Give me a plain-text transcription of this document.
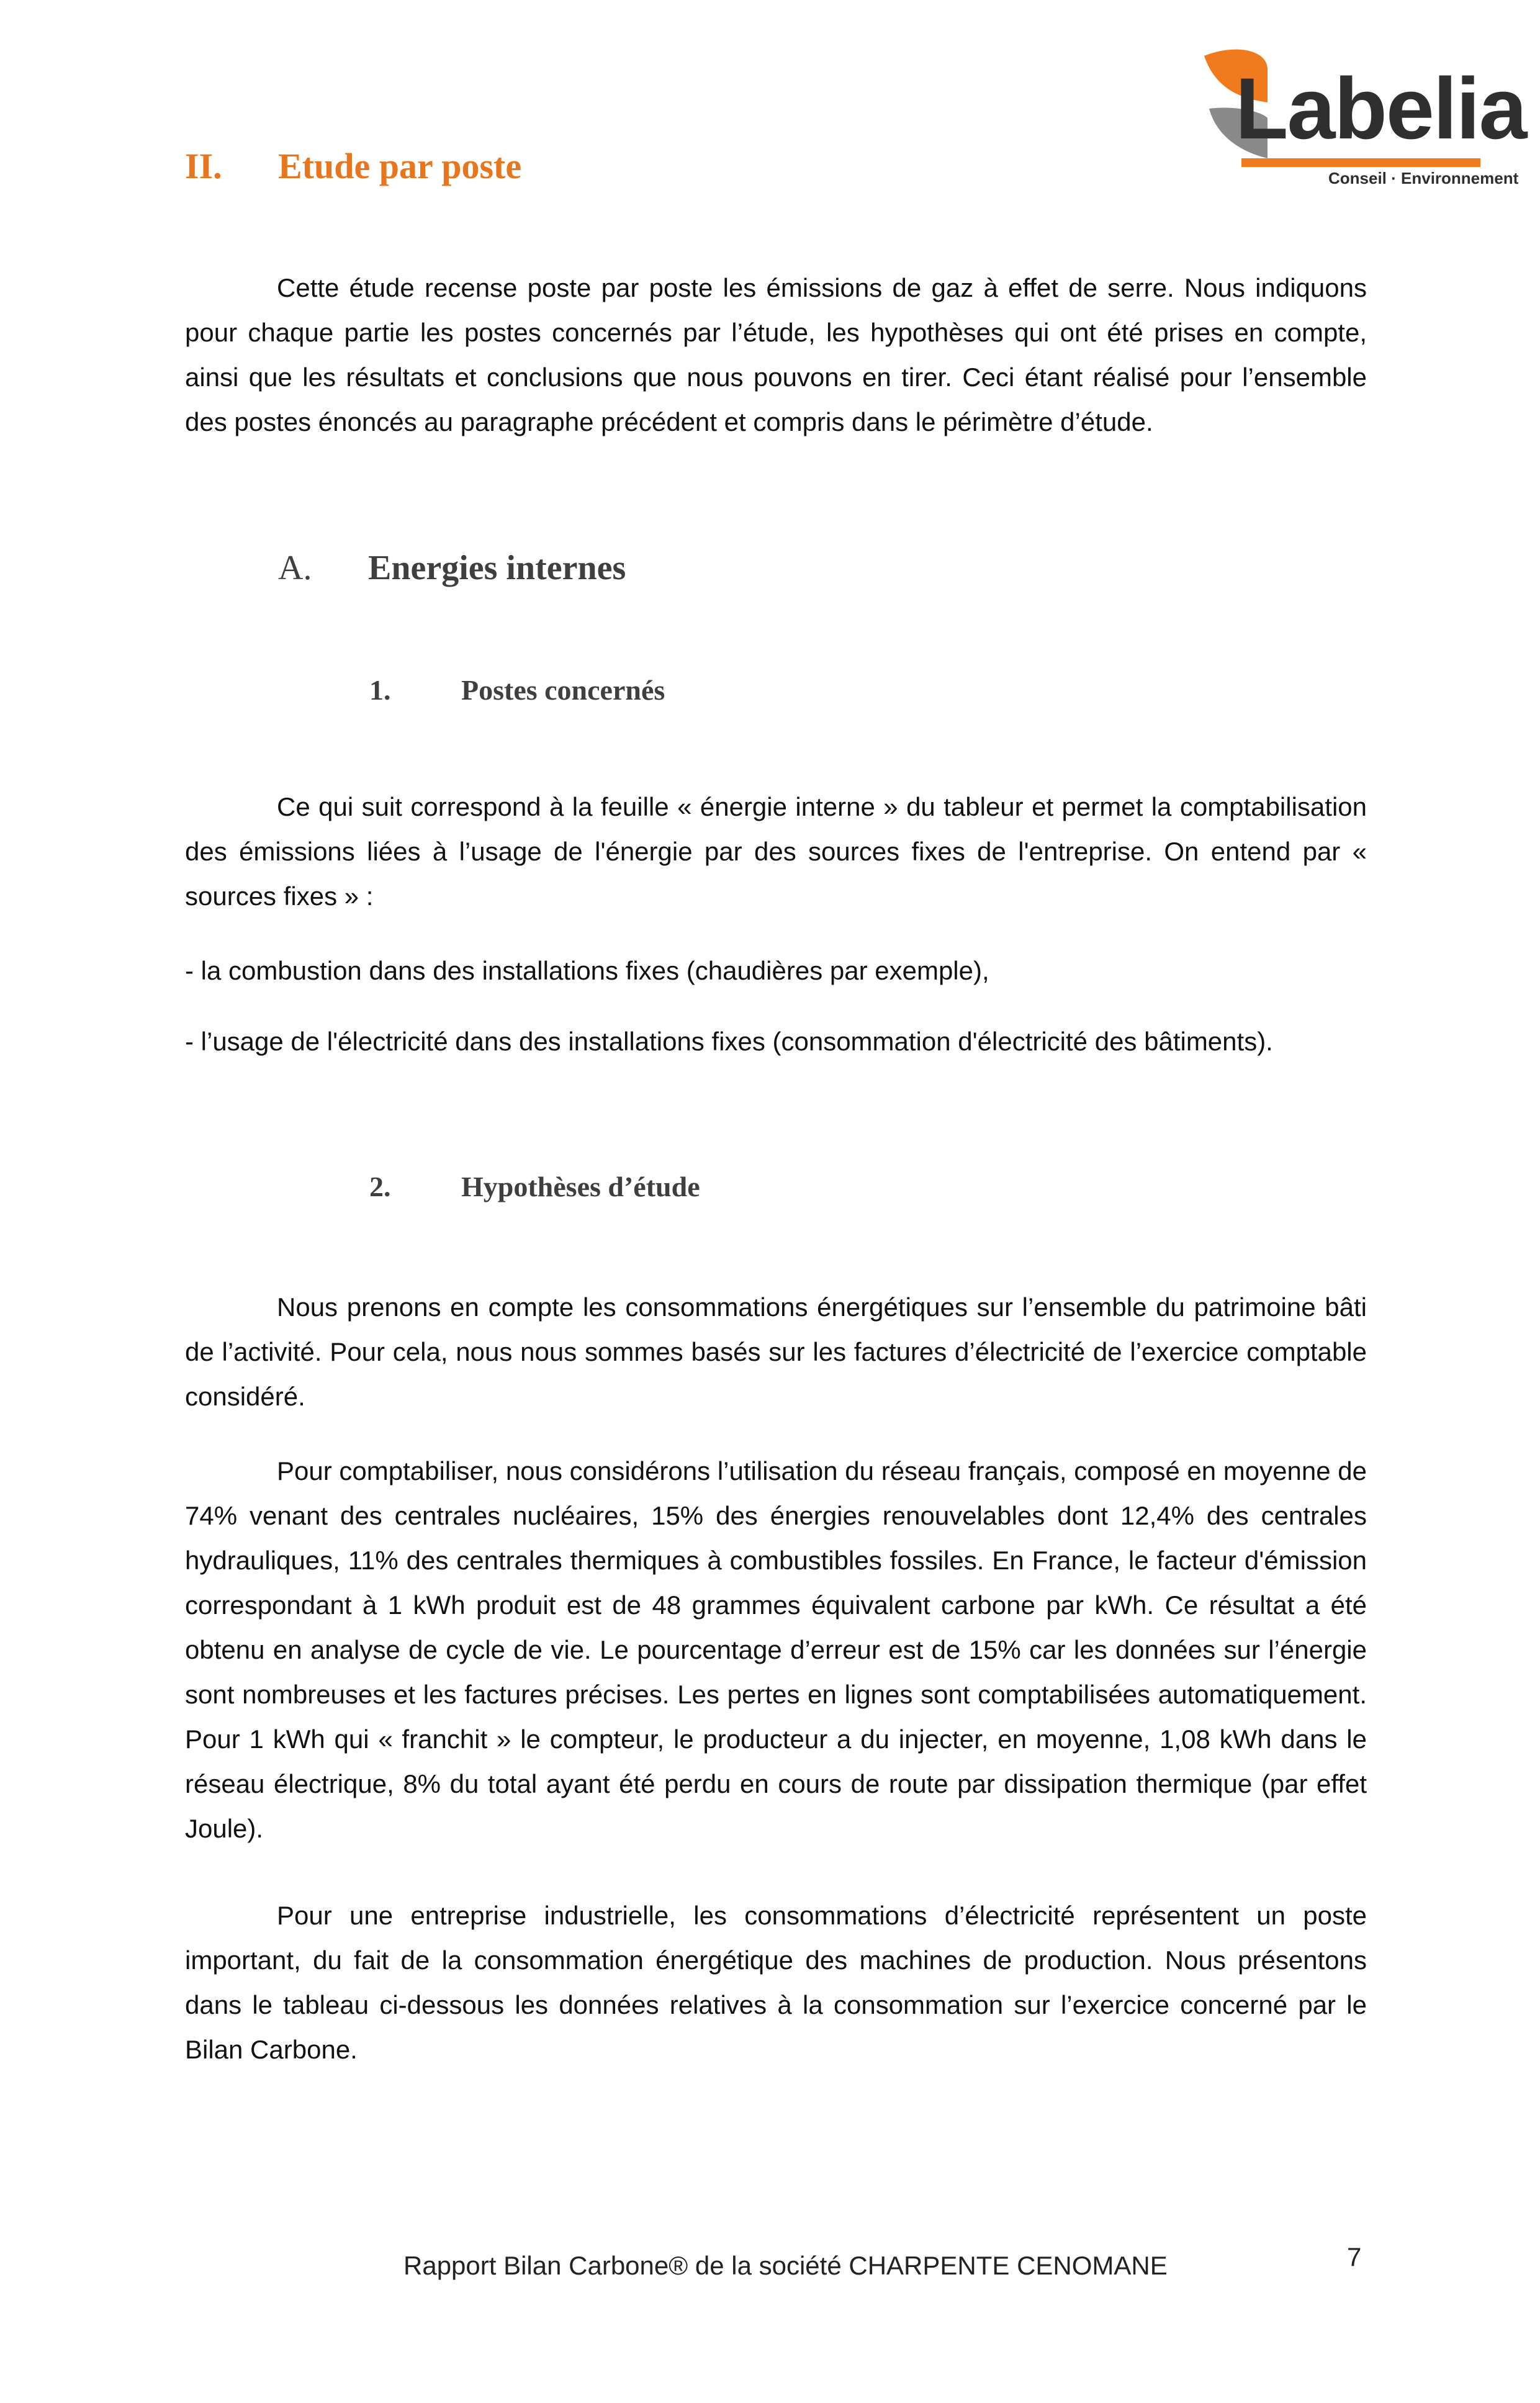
Labelia
Conseil · Environnement
II. Etude par poste

Cette étude recense poste par poste les émissions de gaz à effet de serre. Nous indiquons pour chaque partie les postes concernés par l’étude, les hypothèses qui ont été prises en compte, ainsi que les résultats et conclusions que nous pouvons en tirer. Ceci étant réalisé pour l’ensemble des postes énoncés au paragraphe précédent et compris dans le périmètre d’étude.

A. Energies internes
1. Postes concernés

Ce qui suit correspond à la feuille « énergie interne » du tableur et permet la comptabilisation des émissions liées à l’usage de l'énergie par des sources fixes de l'entreprise. On entend par « sources fixes » :

- la combustion dans des installations fixes (chaudières par exemple),

- l’usage de l'électricité dans des installations fixes (consommation d'électricité des bâtiments).

2. Hypothèses d’étude

Nous prenons en compte les consommations énergétiques sur l’ensemble du patrimoine bâti de l’activité. Pour cela, nous nous sommes basés sur les factures d’électricité de l’exercice comptable considéré.

Pour comptabiliser, nous considérons l’utilisation du réseau français, composé en moyenne de 74% venant des centrales nucléaires, 15% des énergies renouvelables dont 12,4% des centrales hydrauliques, 11% des centrales thermiques à combustibles fossiles. En France, le facteur d'émission correspondant à 1 kWh produit est de 48 grammes équivalent carbone par kWh. Ce résultat a été obtenu en analyse de cycle de vie. Le pourcentage d’erreur est de 15% car les données sur l’énergie sont nombreuses et les factures précises. Les pertes en lignes sont comptabilisées automatiquement. Pour 1 kWh qui « franchit » le compteur, le producteur a du injecter, en moyenne, 1,08 kWh dans le réseau électrique, 8% du total ayant été perdu en cours de route par dissipation thermique (par effet Joule).

Pour une entreprise industrielle, les consommations d’électricité représentent un poste important, du fait de la consommation énergétique des machines de production. Nous présentons dans le tableau ci-dessous les données relatives à la consommation sur l’exercice concerné par le Bilan Carbone.

Rapport Bilan Carbone® de la société CHARPENTE CENOMANE	7
